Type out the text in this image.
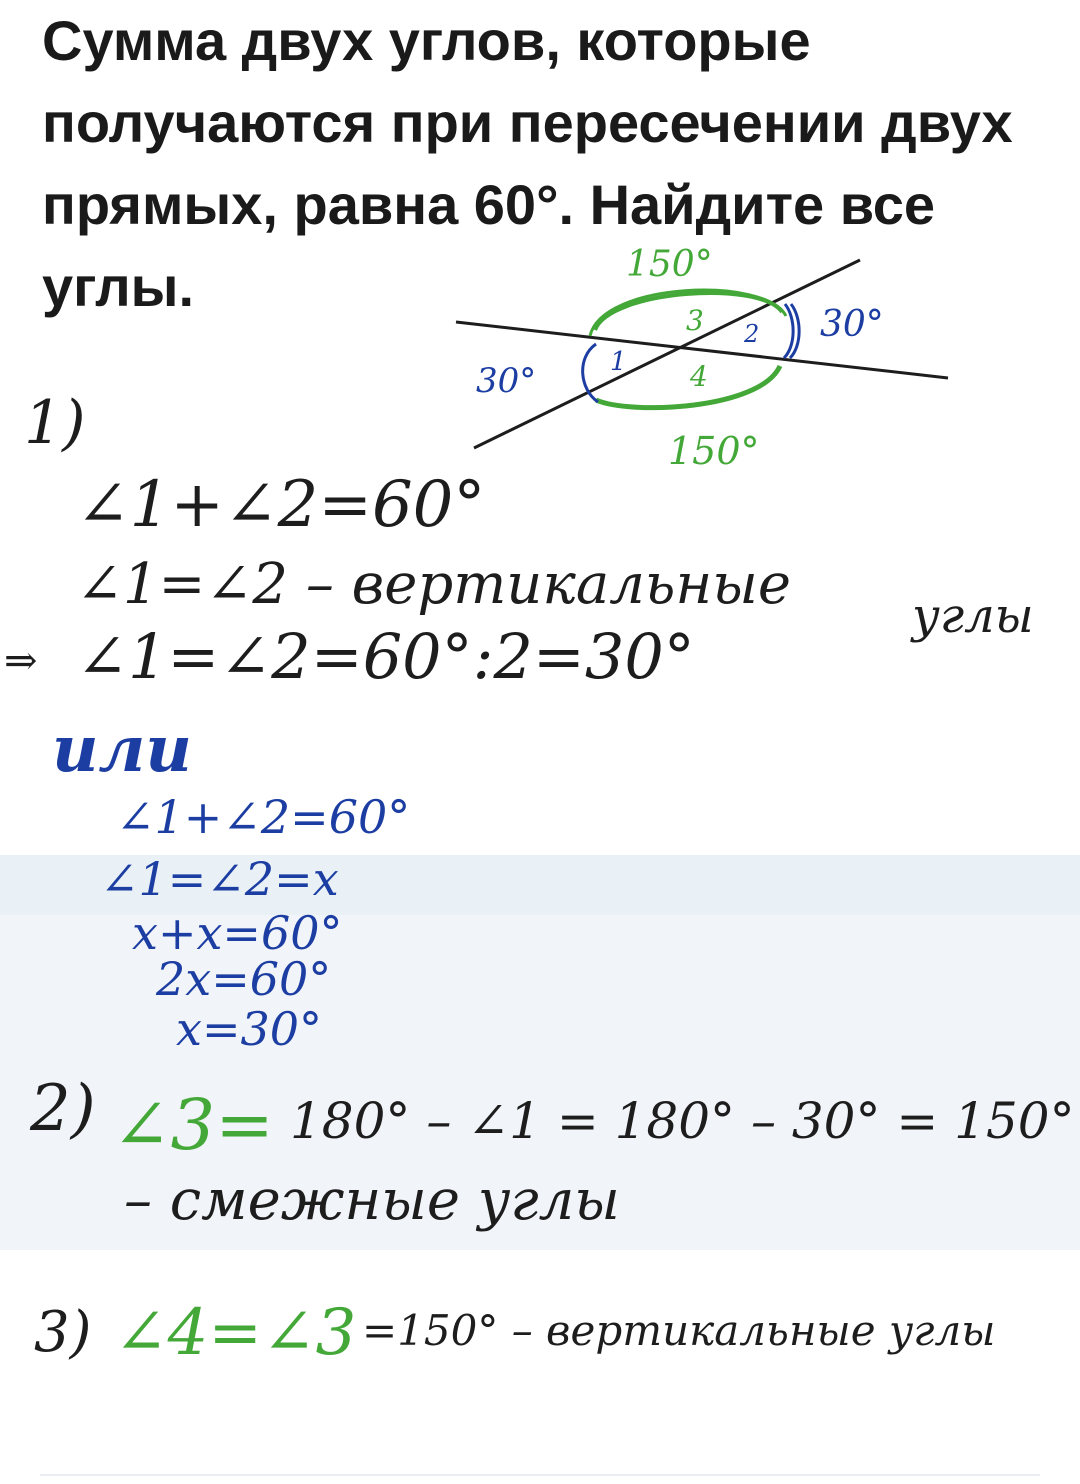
Сумма двух углов, которые получаются при пересечении двух прямых, равна 60°. Найдите все углы.
1
2
3
4
30°
30°
150°
150°
1)
∠1+∠2=60°
∠1=∠2 – вертикальные	углы
⇒ ∠1=∠2=60°:2=30°
или
∠1+∠2=60°
∠1=∠2=x
x+x=60°
2x=60°
x=30°
2) ∠3= 180° – ∠1 = 180° – 30° = 150°
– смежные углы
3) ∠4=∠3 =150° – вертикальные углы
